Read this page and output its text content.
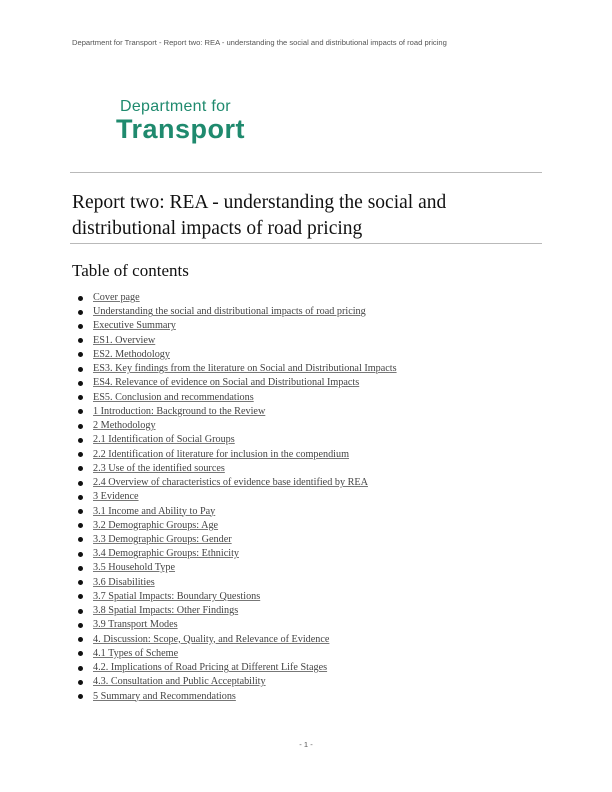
Department for Transport - Report two: REA - understanding the social and distributional impacts of road pricing
Department for
Transport
Report two: REA - understanding the social and distributional impacts of road pricing
Table of contents
Cover page
Understanding the social and distributional impacts of road pricing
Executive Summary
ES1. Overview
ES2. Methodology
ES3. Key findings from the literature on Social and Distributional Impacts
ES4. Relevance of evidence on Social and Distributional Impacts
ES5. Conclusion and recommendations
1 Introduction: Background to the Review
2 Methodology
2.1 Identification of Social Groups
2.2 Identification of literature for inclusion in the compendium
2.3 Use of the identified sources
2.4 Overview of characteristics of evidence base identified by REA
3 Evidence
3.1 Income and Ability to Pay
3.2 Demographic Groups: Age
3.3 Demographic Groups: Gender
3.4 Demographic Groups: Ethnicity
3.5 Household Type
3.6 Disabilities
3.7 Spatial Impacts: Boundary Questions
3.8 Spatial Impacts: Other Findings
3.9 Transport Modes
4. Discussion: Scope, Quality, and Relevance of Evidence
4.1 Types of Scheme
4.2. Implications of Road Pricing at Different Life Stages
4.3. Consultation and Public Acceptability
5 Summary and Recommendations
- 1 -
